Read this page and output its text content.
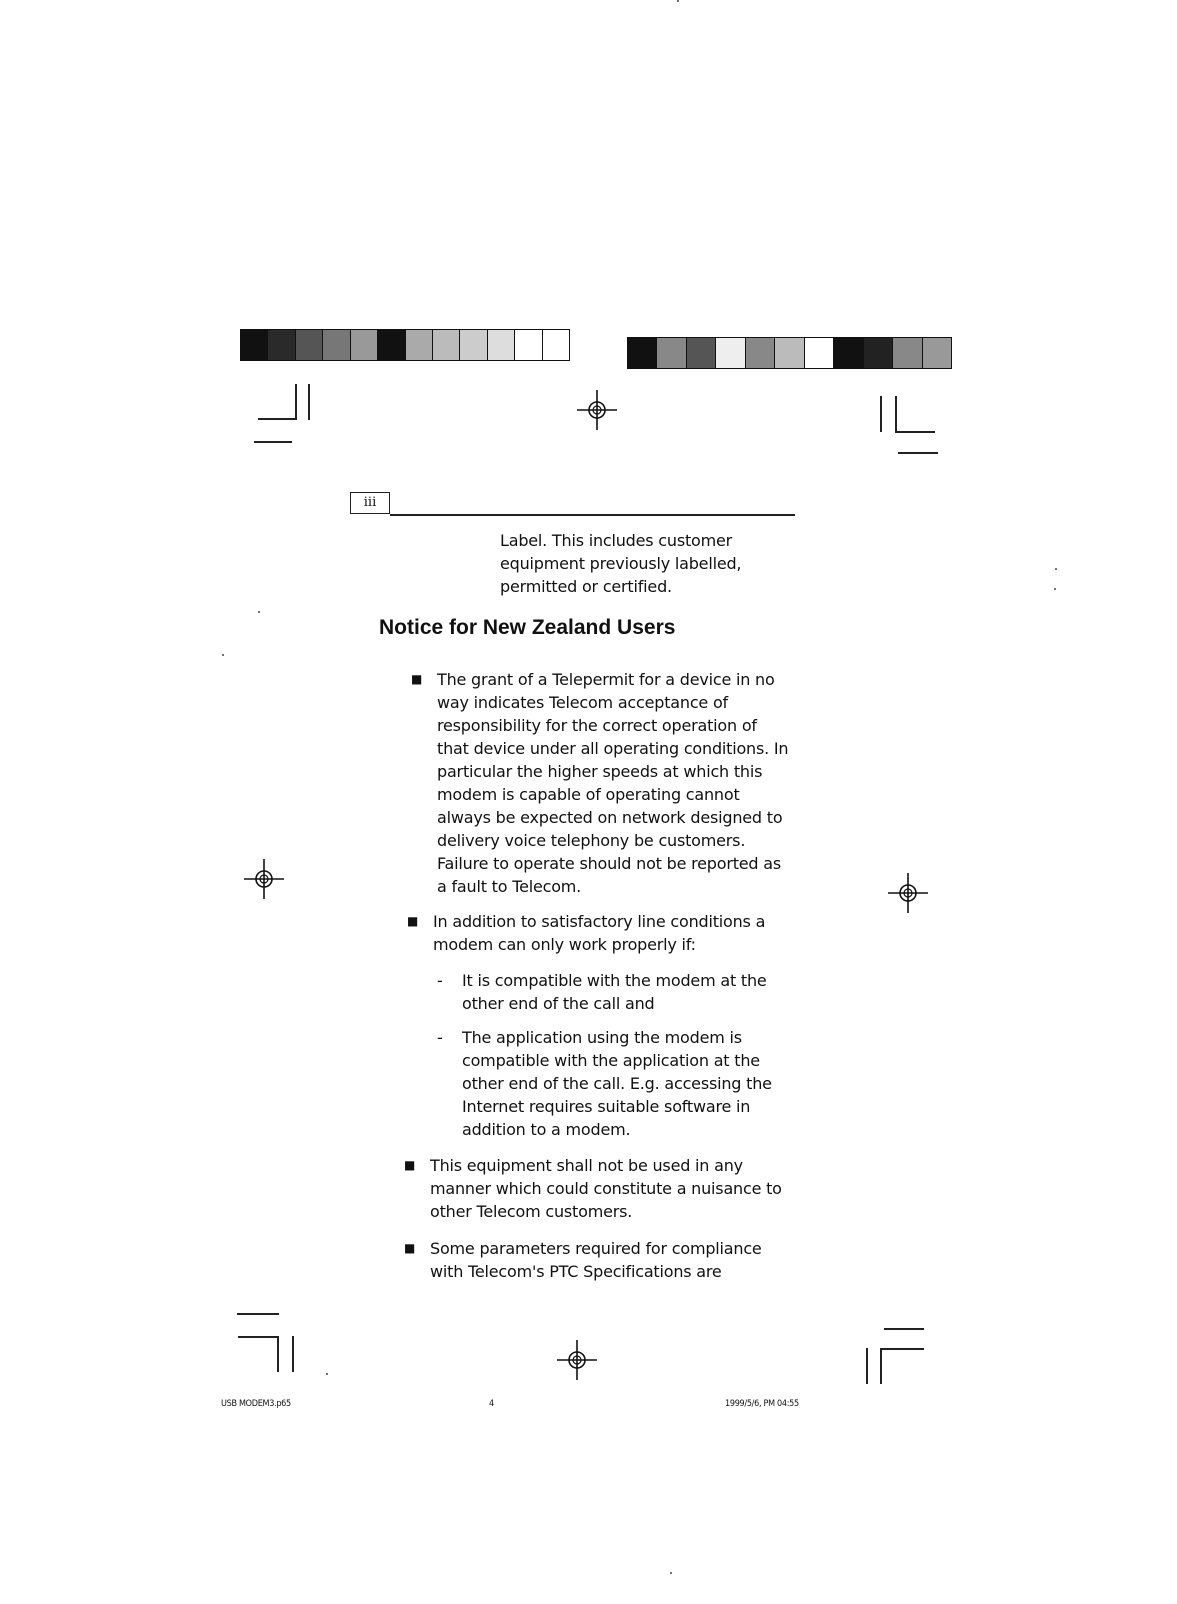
iii
Label. This includes customer equipment previously labelled, permitted or certified.
Notice for New Zealand Users
■ The grant of a Telepermit for a device in no way indicates Telecom acceptance of responsibility for the correct operation of that device under all operating conditions. In particular the higher speeds at which this modem is capable of operating cannot always be expected on network designed to delivery voice telephony be customers. Failure to operate should not be reported as a fault to Telecom.
■ In addition to satisfactory line conditions a modem can only work properly if:
- It is compatible with the modem at the other end of the call and
- The application using the modem is compatible with the application at the other end of the call. E.g. accessing the Internet requires suitable software in addition to a modem.
■ This equipment shall not be used in any manner which could constitute a nuisance to other Telecom customers.
■ Some parameters required for compliance with Telecom's PTC Specifications are
USB MODEM3.p65	4	1999/5/6, PM 04:55
